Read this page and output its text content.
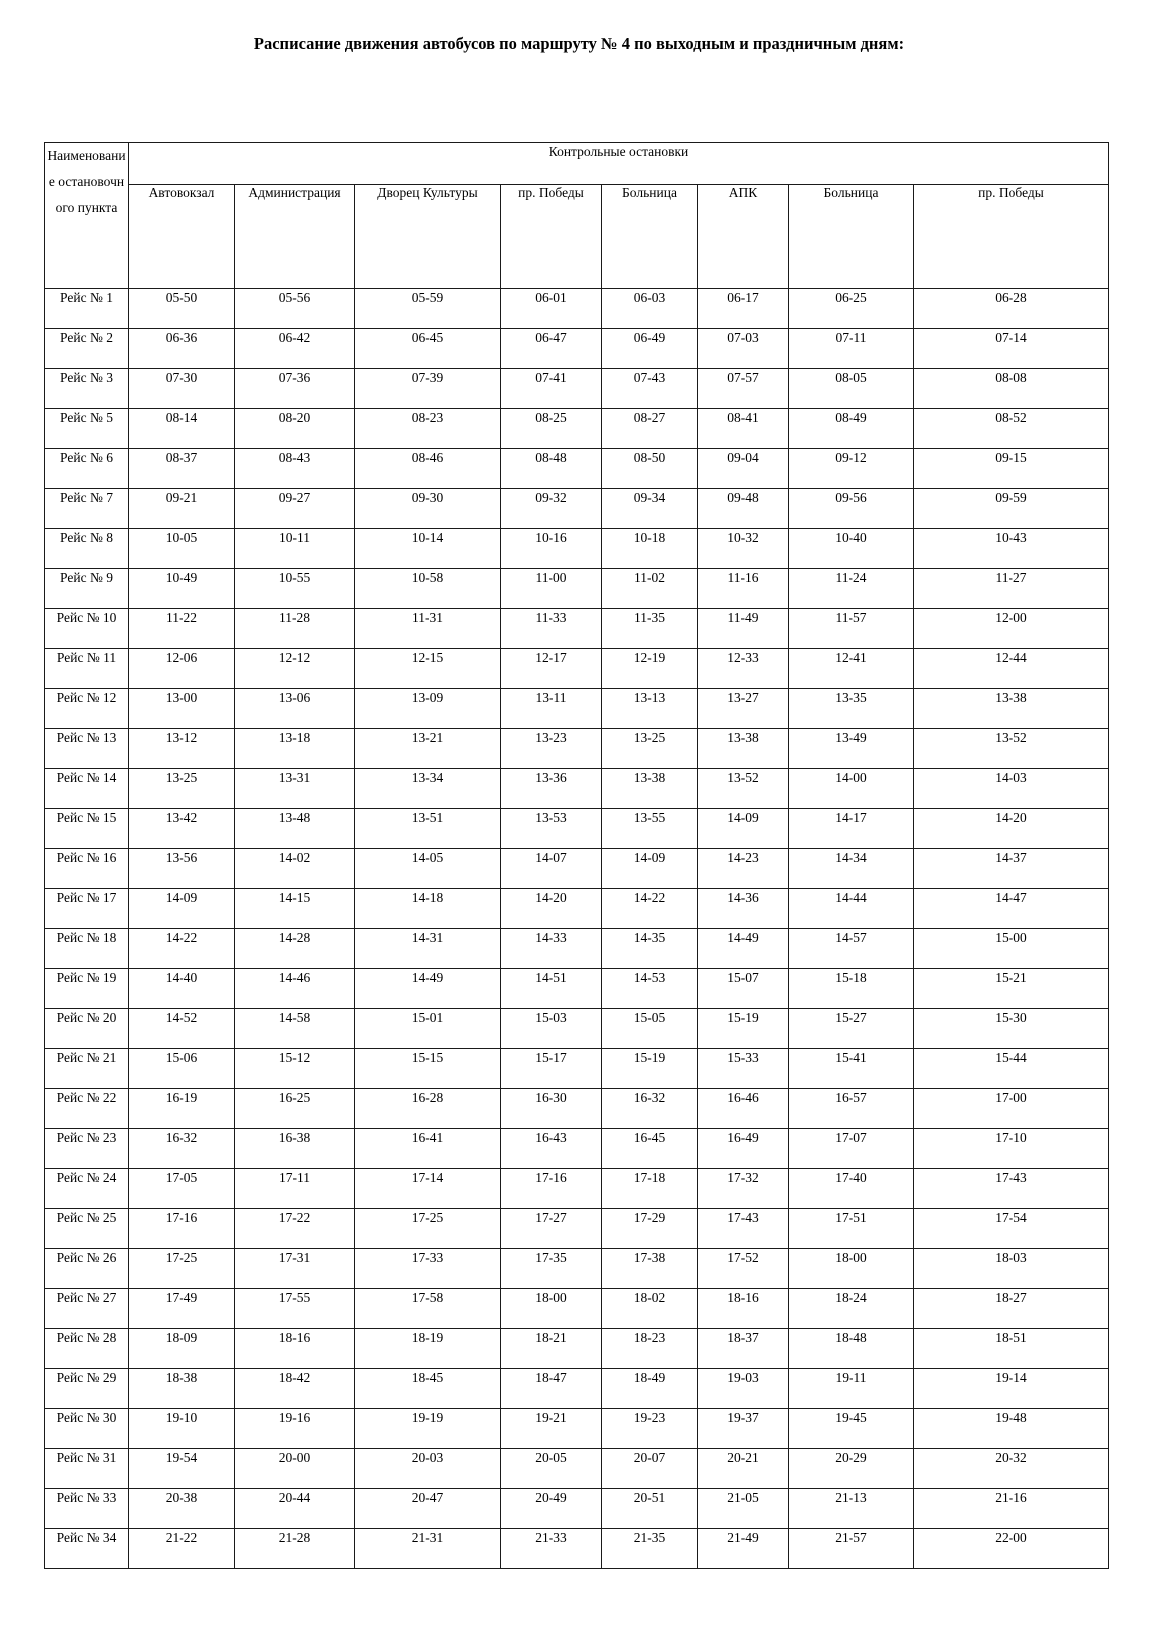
Расписание движения автобусов по маршруту № 4 по выходным и праздничным дням:
Наименование остановочного пункта	Контрольные остановки							
	Автовокзал	Администрация	Дворец Культуры	пр. Победы	Больница	АПК	Больница	пр. Победы
Рейс № 1	05-50	05-56	05-59	06-01	06-03	06-17	06-25	06-28
Рейс № 2	06-36	06-42	06-45	06-47	06-49	07-03	07-11	07-14
Рейс № 3	07-30	07-36	07-39	07-41	07-43	07-57	08-05	08-08
Рейс № 5	08-14	08-20	08-23	08-25	08-27	08-41	08-49	08-52
Рейс № 6	08-37	08-43	08-46	08-48	08-50	09-04	09-12	09-15
Рейс № 7	09-21	09-27	09-30	09-32	09-34	09-48	09-56	09-59
Рейс № 8	10-05	10-11	10-14	10-16	10-18	10-32	10-40	10-43
Рейс № 9	10-49	10-55	10-58	11-00	11-02	11-16	11-24	11-27
Рейс № 10	11-22	11-28	11-31	11-33	11-35	11-49	11-57	12-00
Рейс № 11	12-06	12-12	12-15	12-17	12-19	12-33	12-41	12-44
Рейс № 12	13-00	13-06	13-09	13-11	13-13	13-27	13-35	13-38
Рейс № 13	13-12	13-18	13-21	13-23	13-25	13-38	13-49	13-52
Рейс № 14	13-25	13-31	13-34	13-36	13-38	13-52	14-00	14-03
Рейс № 15	13-42	13-48	13-51	13-53	13-55	14-09	14-17	14-20
Рейс № 16	13-56	14-02	14-05	14-07	14-09	14-23	14-34	14-37
Рейс № 17	14-09	14-15	14-18	14-20	14-22	14-36	14-44	14-47
Рейс № 18	14-22	14-28	14-31	14-33	14-35	14-49	14-57	15-00
Рейс № 19	14-40	14-46	14-49	14-51	14-53	15-07	15-18	15-21
Рейс № 20	14-52	14-58	15-01	15-03	15-05	15-19	15-27	15-30
Рейс № 21	15-06	15-12	15-15	15-17	15-19	15-33	15-41	15-44
Рейс № 22	16-19	16-25	16-28	16-30	16-32	16-46	16-57	17-00
Рейс № 23	16-32	16-38	16-41	16-43	16-45	16-49	17-07	17-10
Рейс № 24	17-05	17-11	17-14	17-16	17-18	17-32	17-40	17-43
Рейс № 25	17-16	17-22	17-25	17-27	17-29	17-43	17-51	17-54
Рейс № 26	17-25	17-31	17-33	17-35	17-38	17-52	18-00	18-03
Рейс № 27	17-49	17-55	17-58	18-00	18-02	18-16	18-24	18-27
Рейс № 28	18-09	18-16	18-19	18-21	18-23	18-37	18-48	18-51
Рейс № 29	18-38	18-42	18-45	18-47	18-49	19-03	19-11	19-14
Рейс № 30	19-10	19-16	19-19	19-21	19-23	19-37	19-45	19-48
Рейс № 31	19-54	20-00	20-03	20-05	20-07	20-21	20-29	20-32
Рейс № 33	20-38	20-44	20-47	20-49	20-51	21-05	21-13	21-16
Рейс № 34	21-22	21-28	21-31	21-33	21-35	21-49	21-57	22-00
